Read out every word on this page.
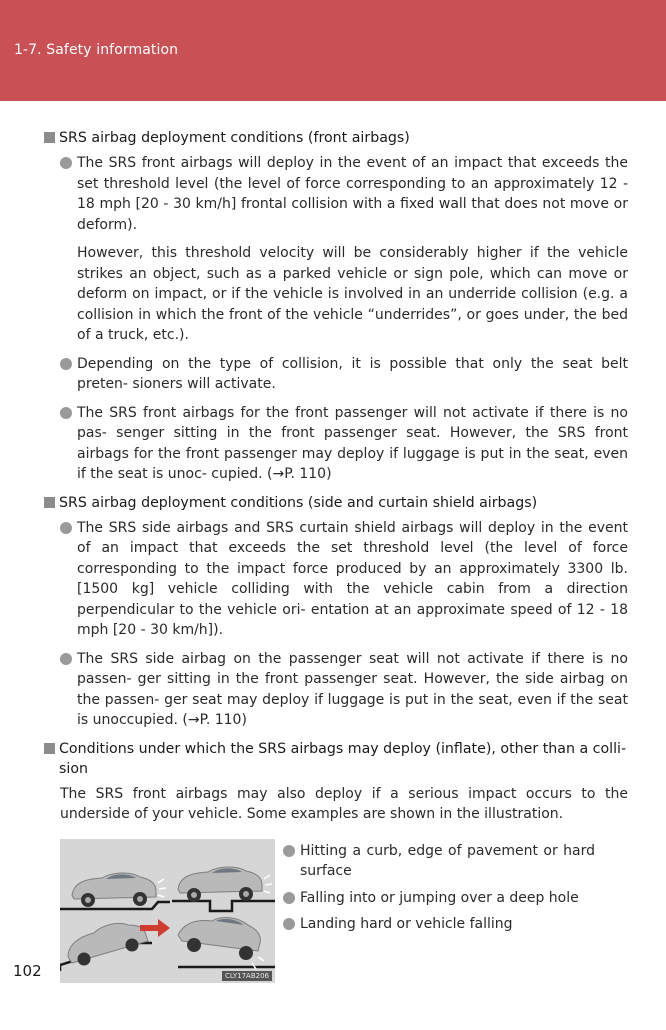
1-7. Safety information
SRS airbag deployment conditions (front airbags)
The SRS front airbags will deploy in the event of an impact that exceeds the set threshold level (the level of force corresponding to an approximately 12 - 18 mph [20 - 30 km/h] frontal collision with a fixed wall that does not move or deform).
However, this threshold velocity will be considerably higher if the vehicle strikes an object, such as a parked vehicle or sign pole, which can move or deform on impact, or if the vehicle is involved in an underride collision (e.g. a collision in which the front of the vehicle “underrides”, or goes under, the bed of a truck, etc.).
Depending on the type of collision, it is possible that only the seat belt preten- sioners will activate.
The SRS front airbags for the front passenger will not activate if there is no pas- senger sitting in the front passenger seat. However, the SRS front airbags for the front passenger may deploy if luggage is put in the seat, even if the seat is unoc- cupied. (→P. 110)
SRS airbag deployment conditions (side and curtain shield airbags)
The SRS side airbags and SRS curtain shield airbags will deploy in the event of an impact that exceeds the set threshold level (the level of force corresponding to the impact force produced by an approximately 3300 lb. [1500 kg] vehicle colliding with the vehicle cabin from a direction perpendicular to the vehicle ori- entation at an approximate speed of 12 - 18 mph [20 - 30 km/h]).
The SRS side airbag on the passenger seat will not activate if there is no passen- ger sitting in the front passenger seat. However, the side airbag on the passen- ger seat may deploy if luggage is put in the seat, even if the seat is unoccupied. (→P. 110)
Conditions under which the SRS airbags may deploy (inflate), other than a colli- sion
The SRS front airbags may also deploy if a serious impact occurs to the underside of your vehicle. Some examples are shown in the illustration.
CLY17AB206
Hitting a curb, edge of pavement or hard surface
Falling into or jumping over a deep hole
Landing hard or vehicle falling
102
